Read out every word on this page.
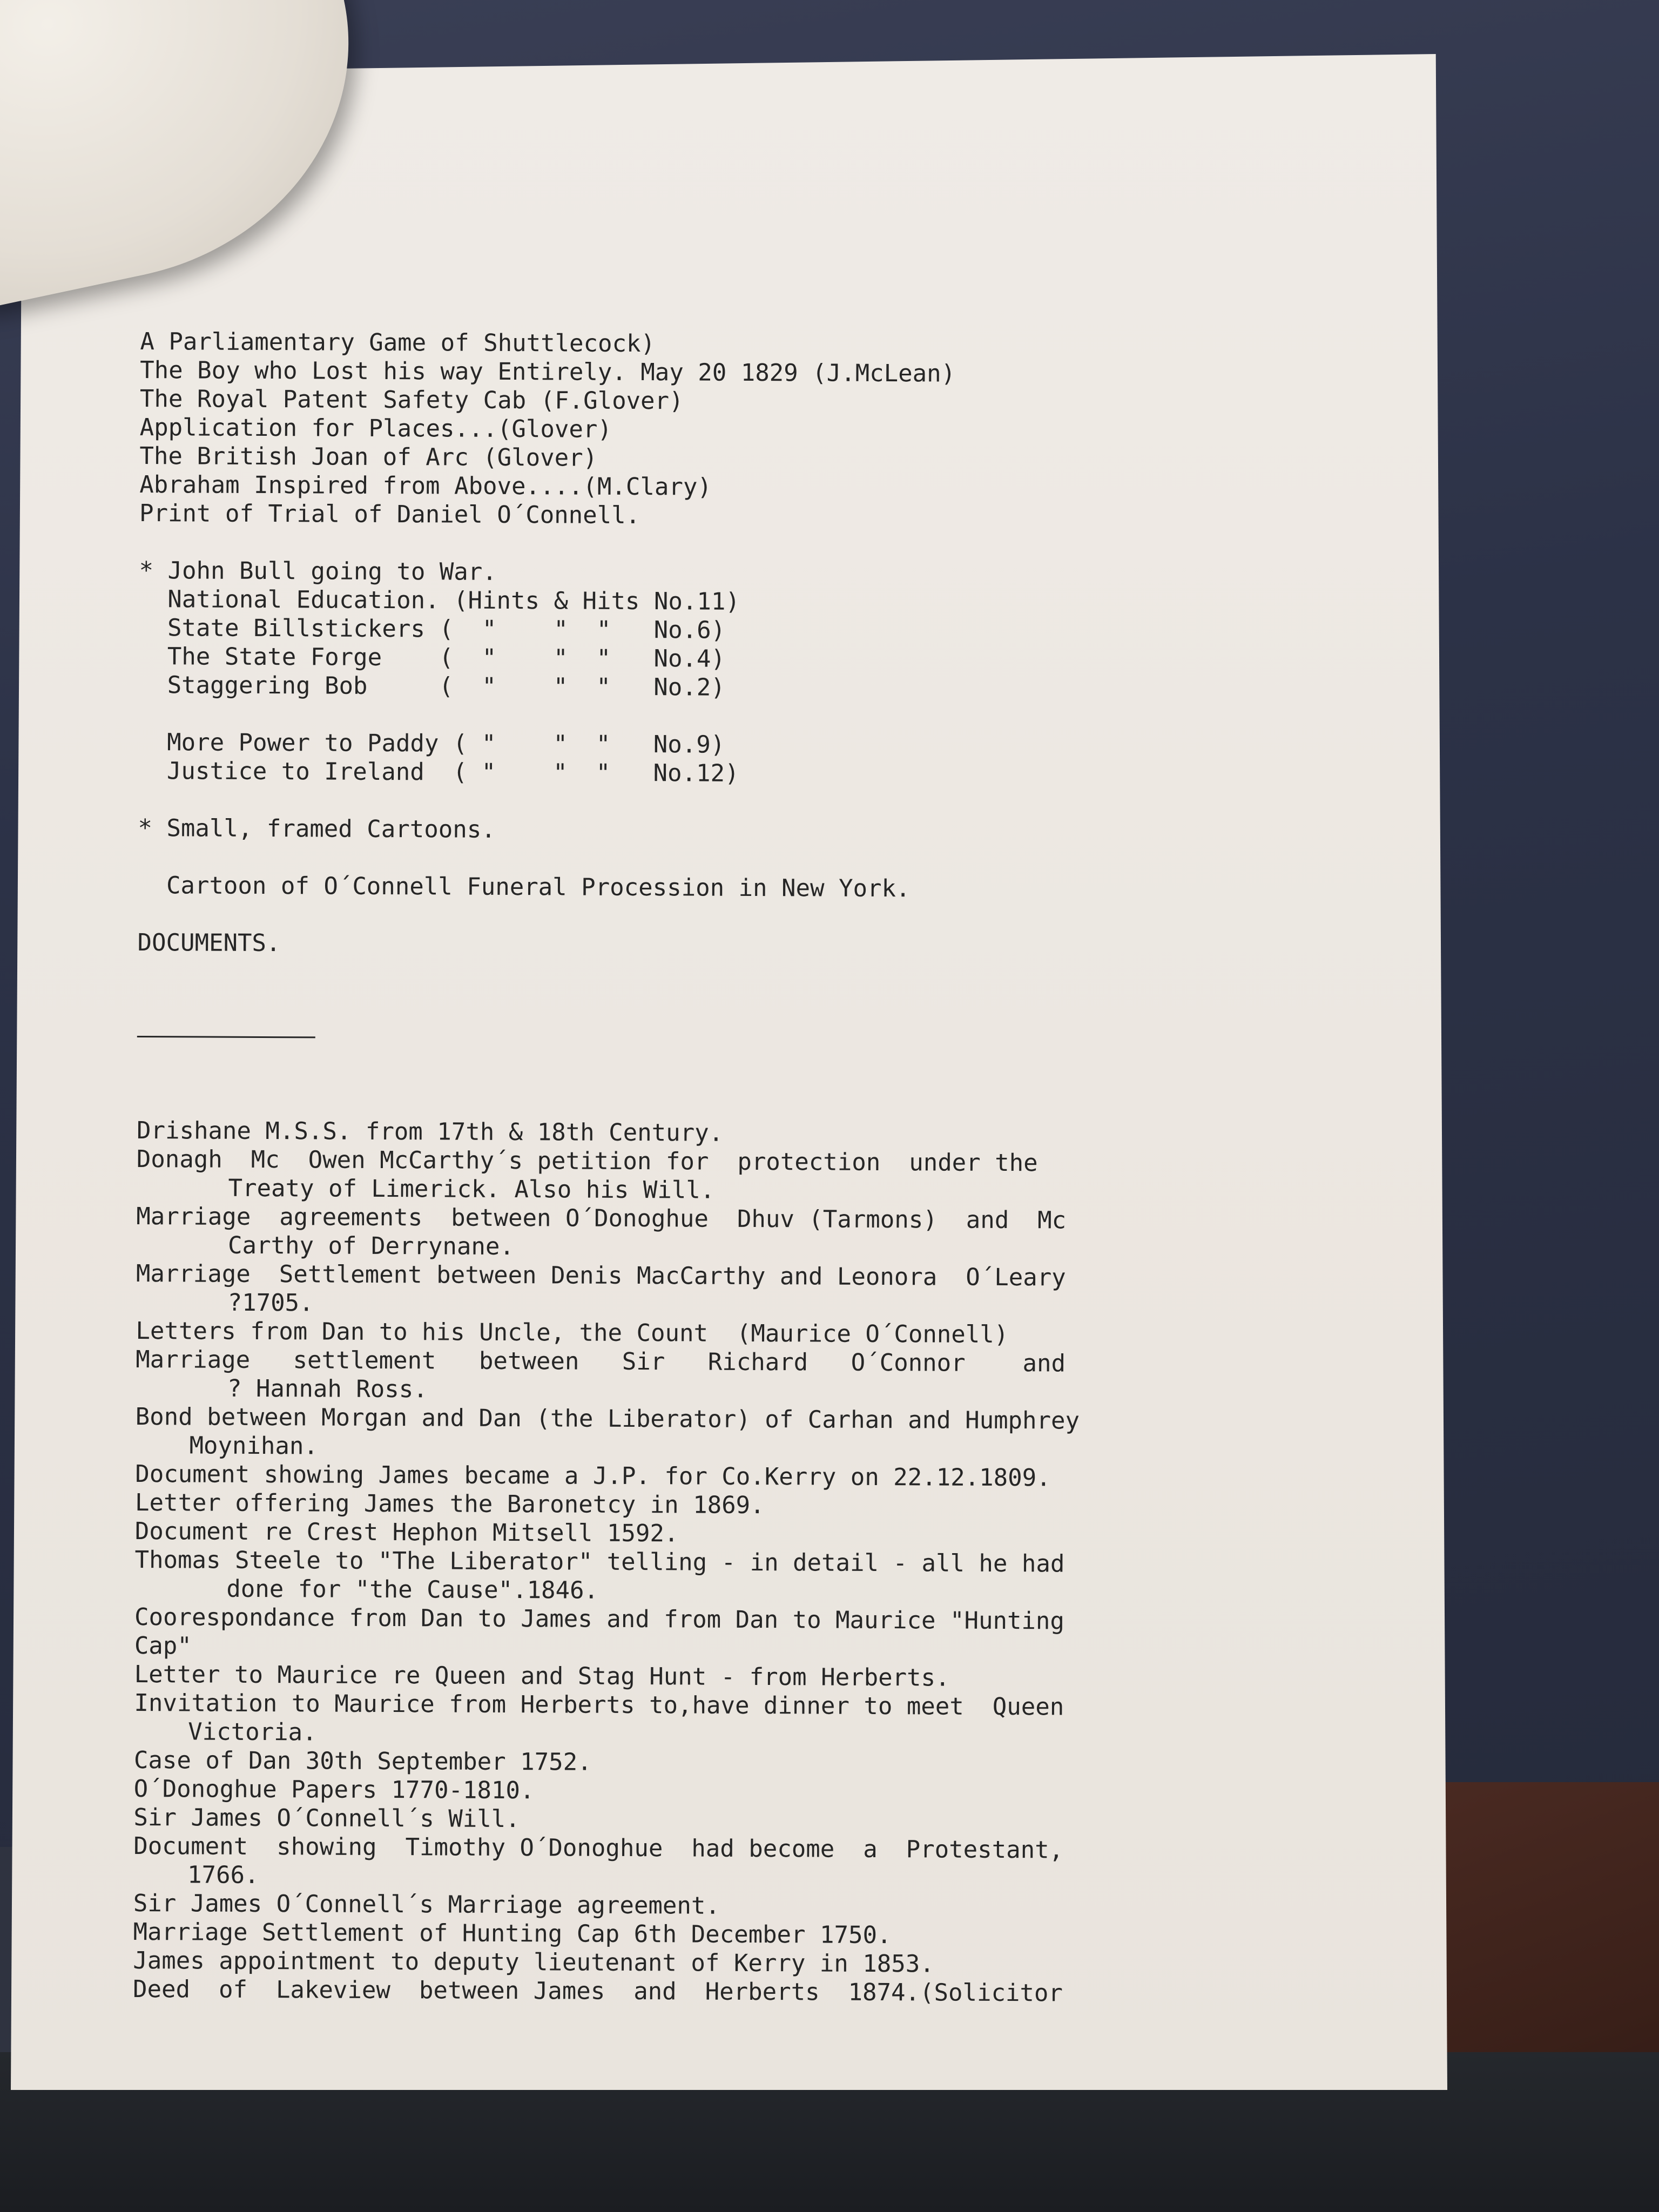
A Parliamentary Game of Shuttlecock)
The Boy who Lost his way Entirely. May 20 1829 (J.McLean)
The Royal Patent Safety Cab (F.Glover)
Application for Places...(Glover)
The British Joan of Arc (Glover)
Abraham Inspired from Above....(M.Clary)
Print of Trial of Daniel O´Connell.

* John Bull going to War.
National Education. (Hints & Hits No.11)
State Billstickers (  "    "  "   No.6)
The State Forge    (  "    "  "   No.4)
Staggering Bob     (  "    "  "   No.2)

More Power to Paddy ( "    "  "   No.9)
Justice to Ireland  ( "    "  "   No.12)

* Small, framed Cartoons.

Cartoon of O´Connell Funeral Procession in New York.

DOCUMENTS.

Drishane M.S.S. from 17th & 18th Century.
Donagh  Mc  Owen McCarthy´s petition for  protection  under the
Treaty of Limerick. Also his Will.
Marriage  agreements  between O´Donoghue  Dhuv (Tarmons)  and  Mc
Carthy of Derrynane.
Marriage  Settlement between Denis MacCarthy and Leonora  O´Leary
?1705.
Letters from Dan to his Uncle, the Count  (Maurice O´Connell)
Marriage   settlement   between   Sir   Richard   O´Connor    and
? Hannah Ross.
Bond between Morgan and Dan (the Liberator) of Carhan and Humphrey
Moynihan.
Document showing James became a J.P. for Co.Kerry on 22.12.1809.
Letter offering James the Baronetcy in 1869.
Document re Crest Hephon Mitsell 1592.
Thomas Steele to "The Liberator" telling - in detail - all he had
done for "the Cause".1846.
Coorespondance from Dan to James and from Dan to Maurice "Hunting
Cap"
Letter to Maurice re Queen and Stag Hunt - from Herberts.
Invitation to Maurice from Herberts to,have dinner to meet  Queen
Victoria.
Case of Dan 30th September 1752.
O´Donoghue Papers 1770-1810.
Sir James O´Connell´s Will.
Document  showing  Timothy O´Donoghue  had become  a  Protestant,
1766.
Sir James O´Connell´s Marriage agreement.
Marriage Settlement of Hunting Cap 6th December 1750.
James appointment to deputy lieutenant of Kerry in 1853.
Deed  of  Lakeview  between James  and  Herberts  1874.(Solicitor
